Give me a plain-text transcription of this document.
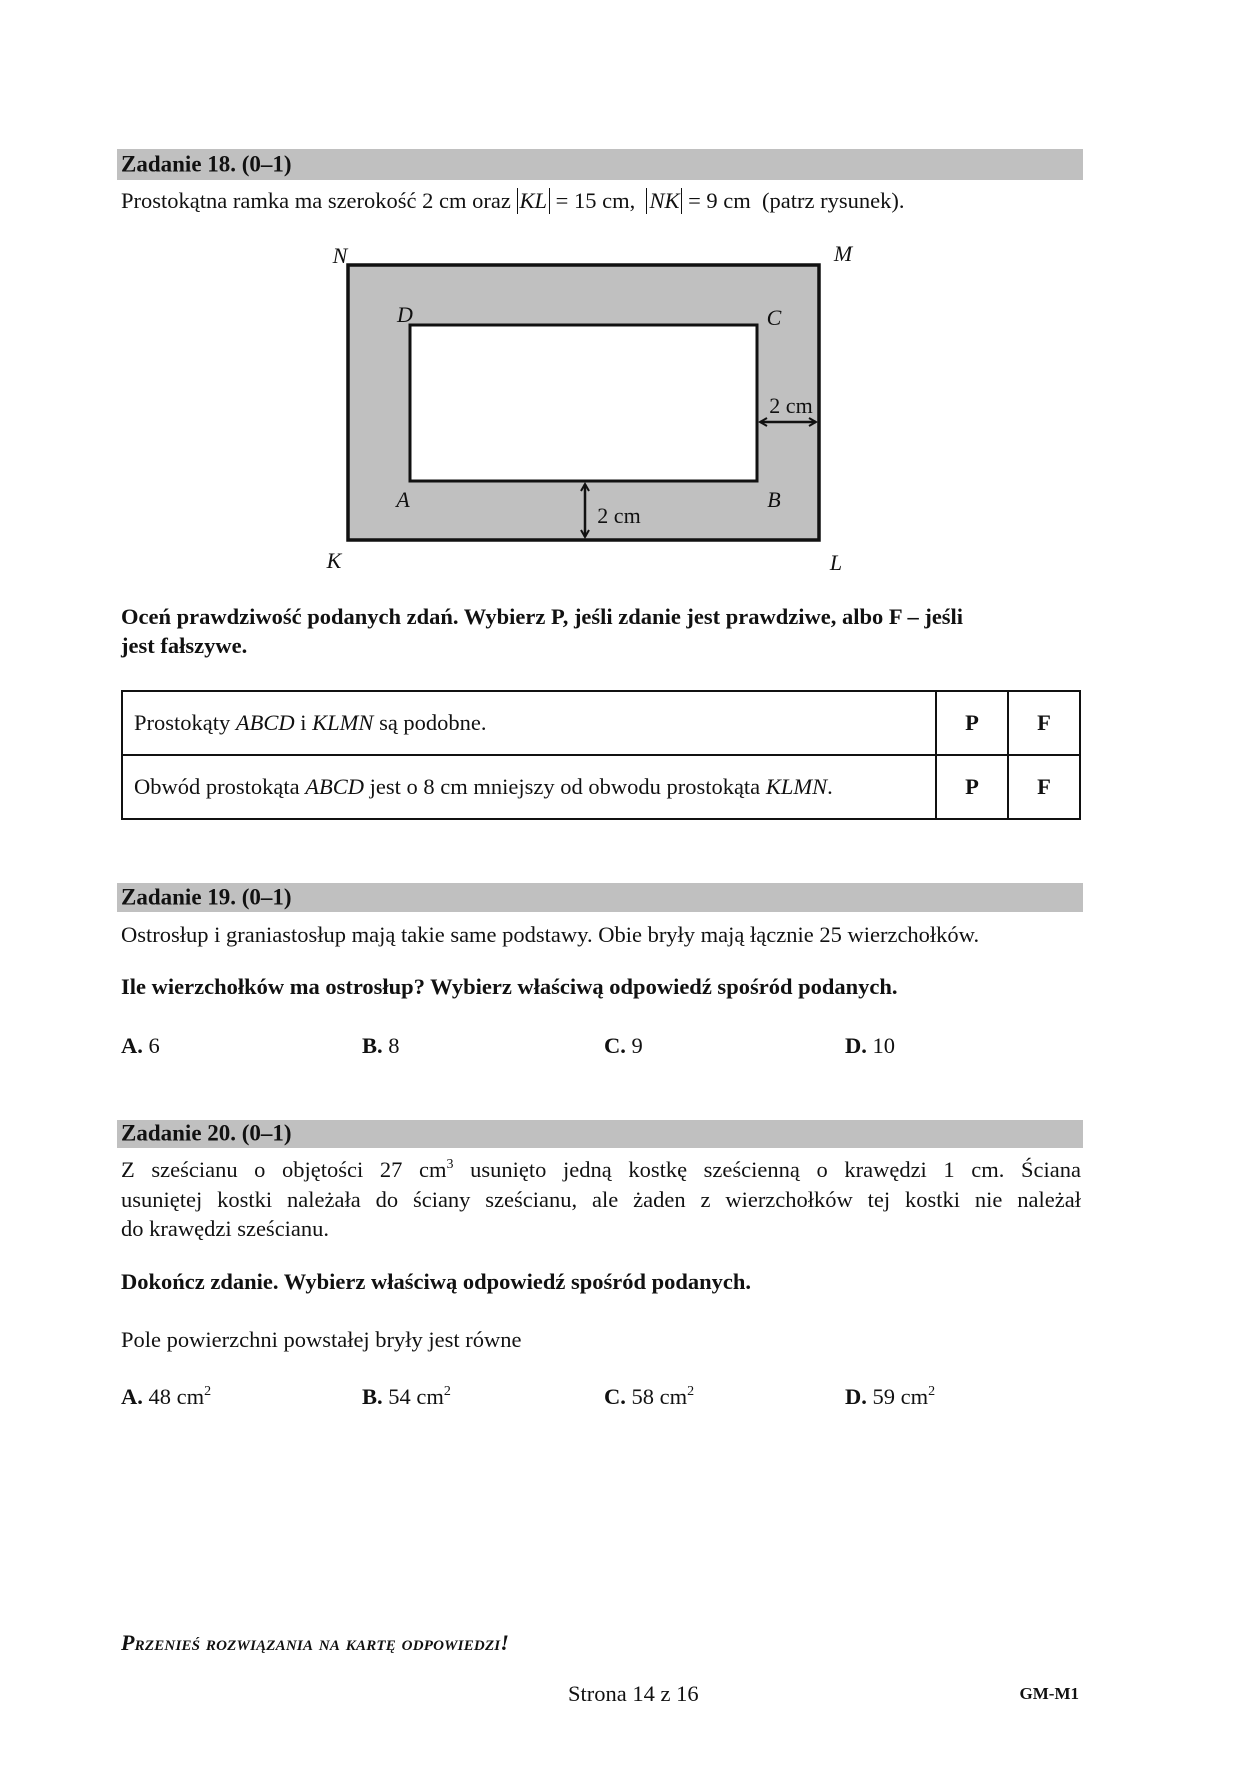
Zadanie 18. (0–1)
Prostokątna ramka ma szerokość 2 cm oraz KL = 15 cm,  NK = 9 cm  (patrz rysunek).
N	M
K	L
D	C
A	B
2 cm
2 cm
Oceń prawdziwość podanych zdań. Wybierz P, jeśli zdanie jest prawdziwe, albo F – jeśli
jest fałszywe.
Prostokąty ABCD i KLMN są podobne.	P	F
Obwód prostokąta ABCD jest o 8 cm mniejszy od obwodu prostokąta KLMN.	P	F
Zadanie 19. (0–1)
Ostrosłup i graniastosłup mają takie same podstawy. Obie bryły mają łącznie 25 wierzchołków.
Ile wierzchołków ma ostrosłup? Wybierz właściwą odpowiedź spośród podanych.
A. 6	B. 8	C. 9	D. 10
Zadanie 20. (0–1)
Z sześcianu o objętości 27 $cm^3$ usunięto jedną kostkę sześcienną o krawędzi 1 cm. Ściana
usuniętej kostki należała do ściany sześcianu, ale żaden z wierzchołków tej kostki nie należał
do krawędzi sześcianu.
Dokończ zdanie. Wybierz właściwą odpowiedź spośród podanych.
Pole powierzchni powstałej bryły jest równe
A. 48 $cm^2$	B. 54 $cm^2$	C. 58 $cm^2$	D. 59 $cm^2$
Przenieś rozwiązania na kartę odpowiedzi!
Strona 14 z 16	GM-M1
